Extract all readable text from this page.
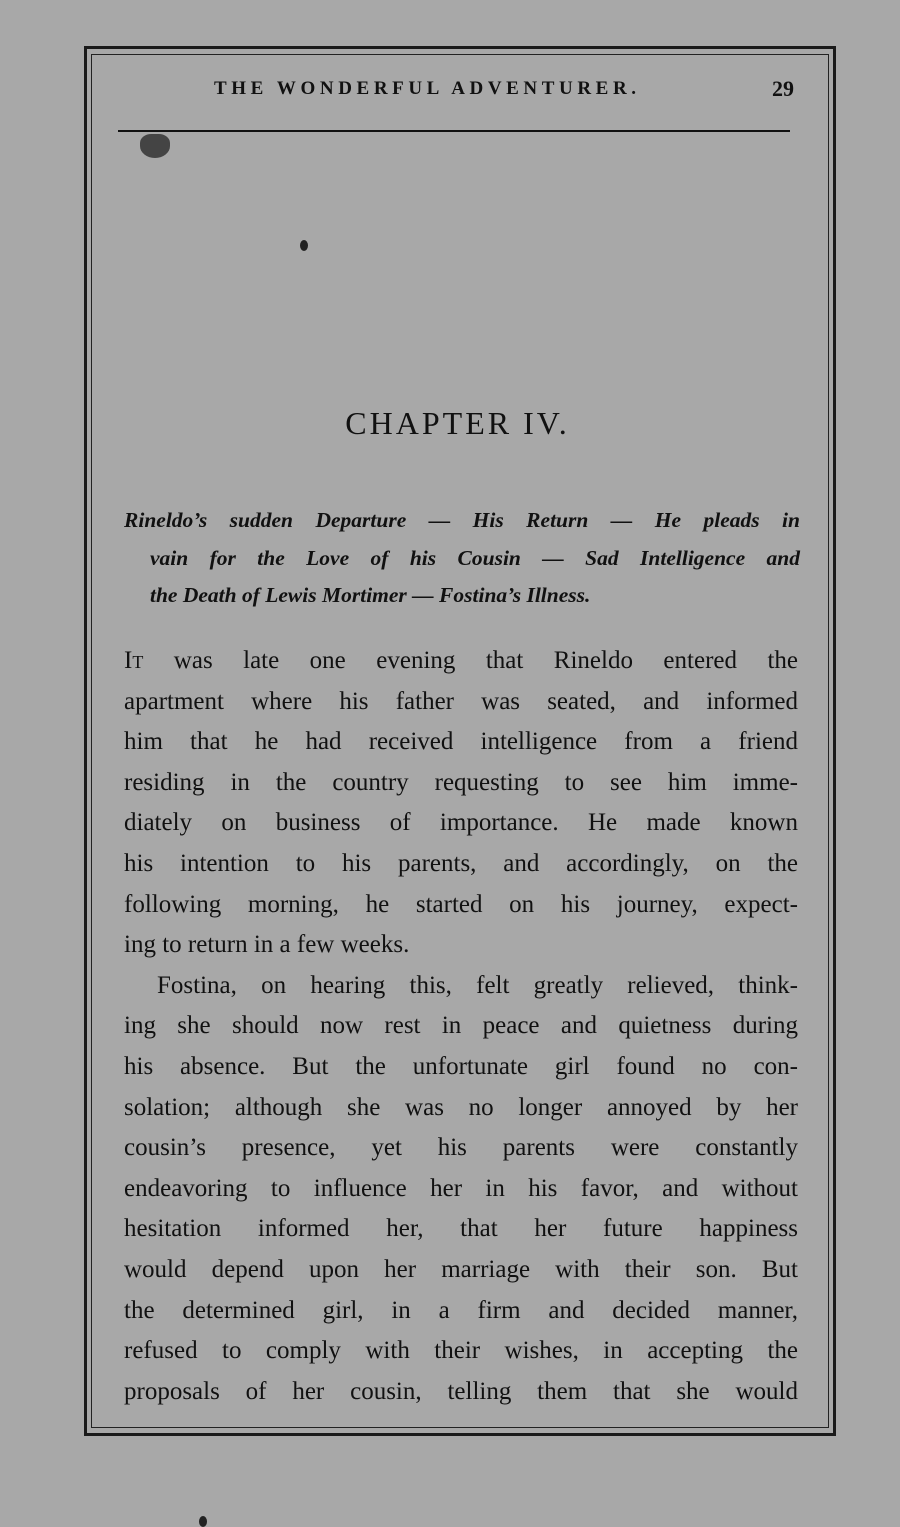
THE WONDERFUL ADVENTURER.	29
CHAPTER IV.
Rineldo’s sudden Departure — His Return — He pleads in
vain for the Love of his Cousin — Sad Intelligence and
the Death of Lewis Mortimer — Fostina’s Illness.
It was late one evening that Rineldo entered the
apartment where his father was seated, and informed
him that he had received intelligence from a friend
residing in the country requesting to see him imme-
diately on business of importance. He made known
his intention to his parents, and accordingly, on the
following morning, he started on his journey, expect-
ing to return in a few weeks.
Fostina, on hearing this, felt greatly relieved, think-
ing she should now rest in peace and quietness during
his absence. But the unfortunate girl found no con-
solation; although she was no longer annoyed by her
cousin’s presence, yet his parents were constantly
endeavoring to influence her in his favor, and without
hesitation informed her, that her future happiness
would depend upon her marriage with their son. But
the determined girl, in a firm and decided manner,
refused to comply with their wishes, in accepting the
proposals of her cousin, telling them that she would
